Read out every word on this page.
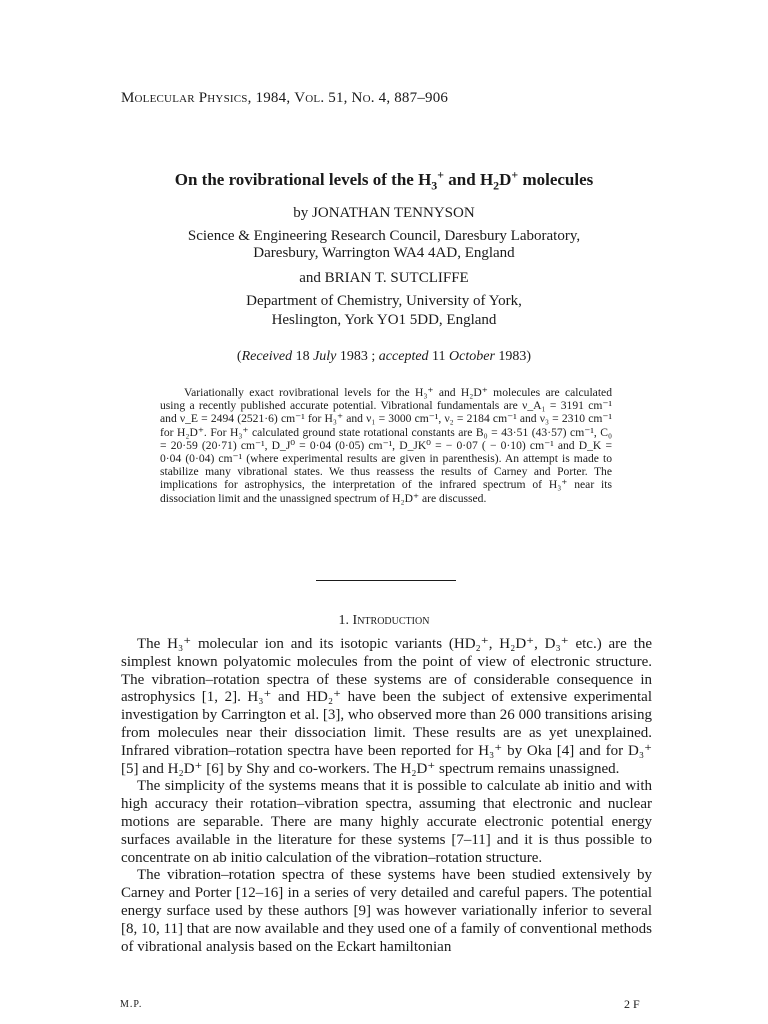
Molecular Physics, 1984, Vol. 51, No. 4, 887–906
On the rovibrational levels of the $H_3^+$ and $H_2D^+$ molecules
by JONATHAN TENNYSON
Science & Engineering Research Council, Daresbury Laboratory,
Daresbury, Warrington WA4 4AD, England
and BRIAN T. SUTCLIFFE
Department of Chemistry, University of York,
Heslington, York YO1 5DD, England
(Received 18 July 1983 ; accepted 11 October 1983)

Variationally exact rovibrational levels for the H₃⁺ and H₂D⁺ molecules are calculated using a recently published accurate potential. Vibrational fundamentals are ν_A₁ = 3191 cm⁻¹ and ν_E = 2494 (2521·6) cm⁻¹ for H₃⁺ and ν₁ = 3000 cm⁻¹, ν₂ = 2184 cm⁻¹ and ν₃ = 2310 cm⁻¹ for H₂D⁺. For H₃⁺ calculated ground state rotational constants are B₀ = 43·51 (43·57) cm⁻¹, C₀ = 20·59 (20·71) cm⁻¹, D_J⁰ = 0·04 (0·05) cm⁻¹, D_JK⁰ = − 0·07 ( − 0·10) cm⁻¹ and D_K = 0·04 (0·04) cm⁻¹ (where experimental results are given in parenthesis). An attempt is made to stabilize many vibrational states. We thus reassess the results of Carney and Porter. The implications for astrophysics, the interpretation of the infrared spectrum of H₃⁺ near its dissociation limit and the unassigned spectrum of H₂D⁺ are discussed.

1. Introduction

The H₃⁺ molecular ion and its isotopic variants (HD₂⁺, H₂D⁺, D₃⁺ etc.) are the simplest known polyatomic molecules from the point of view of electronic structure. The vibration–rotation spectra of these systems are of considerable consequence in astrophysics [1, 2]. H₃⁺ and HD₂⁺ have been the subject of extensive experimental investigation by Carrington et al. [3], who observed more than 26 000 transitions arising from molecules near their dissociation limit. These results are as yet unexplained. Infrared vibration–rotation spectra have been reported for H₃⁺ by Oka [4] and for D₃⁺ [5] and H₂D⁺ [6] by Shy and co-workers. The H₂D⁺ spectrum remains unassigned.

The simplicity of the systems means that it is possible to calculate ab initio and with high accuracy their rotation–vibration spectra, assuming that electronic and nuclear motions are separable. There are many highly accurate electronic potential energy surfaces available in the literature for these systems [7–11] and it is thus possible to concentrate on ab initio calculation of the vibration–rotation structure.

The vibration–rotation spectra of these systems have been studied extensively by Carney and Porter [12–16] in a series of very detailed and careful papers. The potential energy surface used by these authors [9] was however variationally inferior to several [8, 10, 11] that are now available and they used one of a family of conventional methods of vibrational analysis based on the Eckart hamiltonian

M.P.	2 F
